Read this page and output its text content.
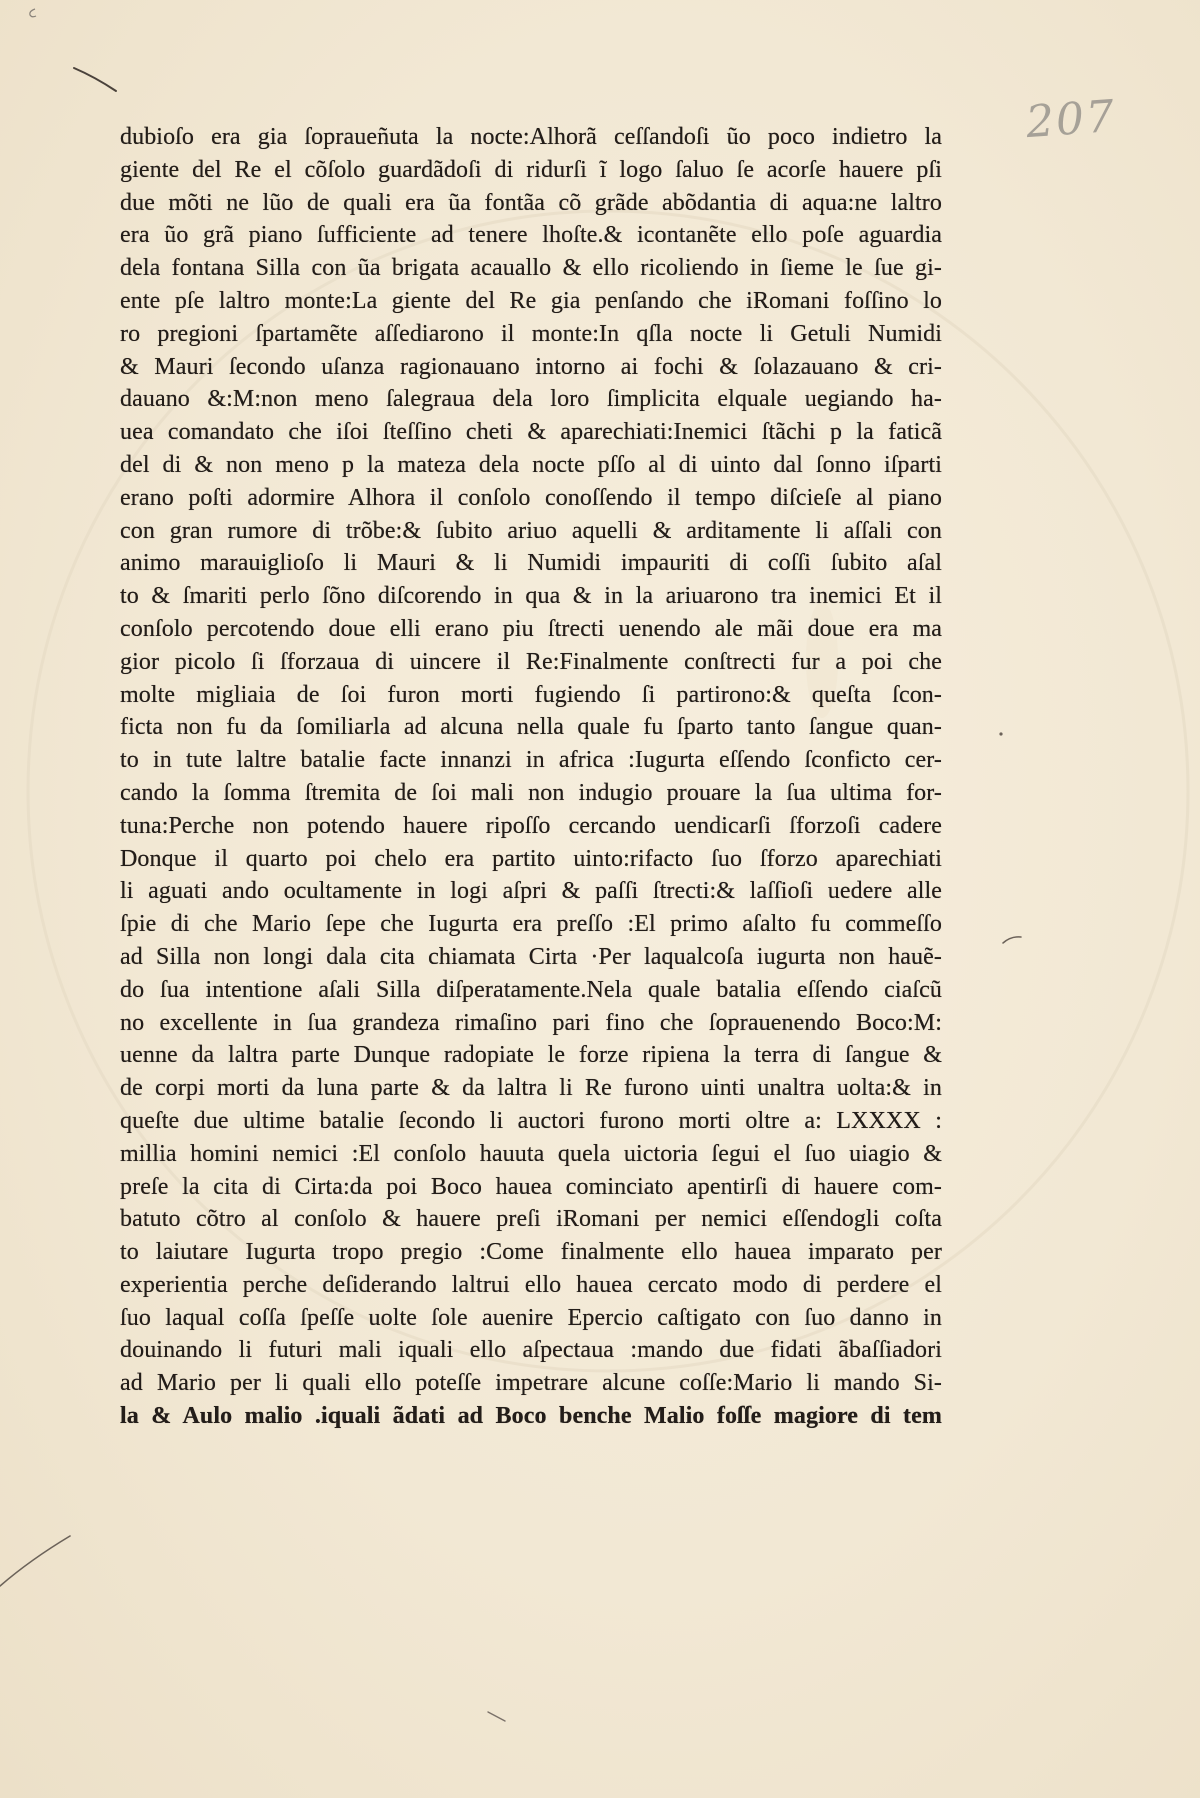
207
dubioſo era gia ſopraueñuta la nocte:Alhorã ceſſandoſi ũo poco indietro la
giente del Re el cõſolo guardãdoſi di ridurſi ĩ logo ſaluo ſe acorſe hauere pſi
due mõti ne lũo de quali era ũa fontãa cõ grãde abõdantia di aqua:ne laltro
era ũo grã piano ſufficiente ad tenere lhoſte.& icontanẽte ello poſe aguardia
dela fontana Silla con ũa brigata acauallo & ello ricoliendo in ſieme le ſue gi-
ente pſe laltro monte:La giente del Re gia penſando che iRomani foſſino lo
ro pregioni ſpartamẽte aſſediarono il monte:In qſla nocte li Getuli Numidi
& Mauri ſecondo uſanza ragionauano intorno ai fochi & ſolazauano & cri-
dauano &:M:non meno ſalegraua dela loro ſimplicita elquale uegiando ha-
uea comandato che iſoi ſteſſino cheti & aparechiati:Inemici ſtãchi p la faticã
del di & non meno p la mateza dela nocte pſſo al di uinto dal ſonno iſparti
erano poſti adormire Alhora il conſolo conoſſendo il tempo diſcieſe al piano
con gran rumore di trõbe:& ſubito ariuo aquelli & arditamente li aſſali con
animo marauiglioſo li Mauri & li Numidi impauriti di coſſi ſubito aſal
to & ſmariti perlo ſõno diſcorendo in qua & in la ariuarono tra inemici Et il
conſolo percotendo doue elli erano piu ſtrecti uenendo ale mãi doue era ma
gior picolo ſi ſforzaua di uincere il Re:Finalmente conſtrecti fur a poi che
molte migliaia de ſoi furon morti fugiendo ſi partirono:& queſta ſcon-
ficta non fu da ſomiliarla ad alcuna nella quale fu ſparto tanto ſangue quan-
to in tute laltre batalie facte innanzi in africa :Iugurta eſſendo ſconficto cer-
cando la ſomma ſtremita de ſoi mali non indugio prouare la ſua ultima for-
tuna:Perche non potendo hauere ripoſſo cercando uendicarſi ſforzoſi cadere
Donque il quarto poi chelo era partito uinto:rifacto ſuo ſforzo aparechiati
li aguati ando ocultamente in logi aſpri & paſſi ſtrecti:& laſſioſi uedere alle
ſpie di che Mario ſepe che Iugurta era preſſo :El primo aſalto fu commeſſo
ad Silla non longi dala cita chiamata Cirta ·Per laqualcoſa iugurta non hauẽ-
do ſua intentione aſali Silla diſperatamente.Nela quale batalia eſſendo ciaſcũ
no excellente in ſua grandeza rimaſino pari fino che ſoprauenendo Boco:M:
uenne da laltra parte Dunque radopiate le forze ripiena la terra di ſangue &
de corpi morti da luna parte & da laltra li Re furono uinti unaltra uolta:& in
queſte due ultime batalie ſecondo li auctori furono morti oltre a: LXXXX :
millia homini nemici :El conſolo hauuta quela uictoria ſegui el ſuo uiagio &
preſe la cita di Cirta:da poi Boco hauea cominciato apentirſi di hauere com-
batuto cõtro al conſolo & hauere preſi iRomani per nemici eſſendogli coſta
to laiutare Iugurta tropo pregio :Come finalmente ello hauea imparato per
experientia perche deſiderando laltrui ello hauea cercato modo di perdere el
ſuo laqual coſſa ſpeſſe uolte ſole auenire Epercio caſtigato con ſuo danno in
douinando li futuri mali iquali ello aſpectaua :mando due fidati ãbaſſiadori
ad Mario per li quali ello poteſſe impetrare alcune coſſe:Mario li mando Si-
la & Aulo malio .iquali ãdati ad Boco benche Malio foſſe magiore di tem
